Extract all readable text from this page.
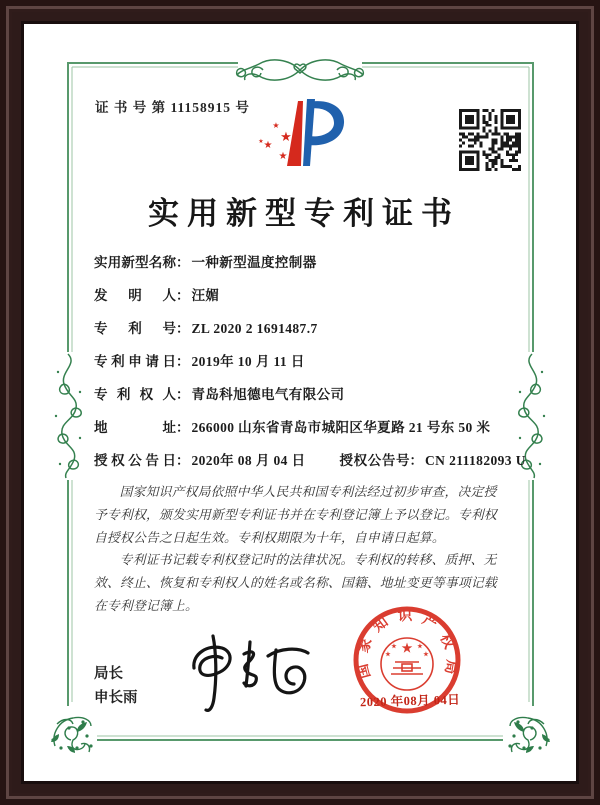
证 书 号 第 11158915 号
★
★
★
★
★
实用新型专利证书
实用新型名称： 一种新型温度控制器
发明人： 汪媚
专利号： ZL 2020 2 1691487.7
专利申请日： 2019年 10 月 11 日
专利权人： 青岛科旭德电气有限公司
地址： 266000 山东省青岛市城阳区华夏路 21 号东 50 米
授权公告日： 2020年 08 月 04 日	授权公告号： CN 211182093 U

国家知识产权局依照中华人民共和国专利法经过初步审查，决定授予专利权，颁发实用新型专利证书并在专利登记簿上予以登记。专利权自授权公告之日起生效。专利权期限为十年，自申请日起算。

专利证书记载专利权登记时的法律状况。专利权的转移、质押、无效、终止、恢复和专利权人的姓名或名称、国籍、地址变更等事项记载在专利登记簿上。

局长
申长雨
国家知识产权局
★
★	★
★	★
2020 年08月 04日
